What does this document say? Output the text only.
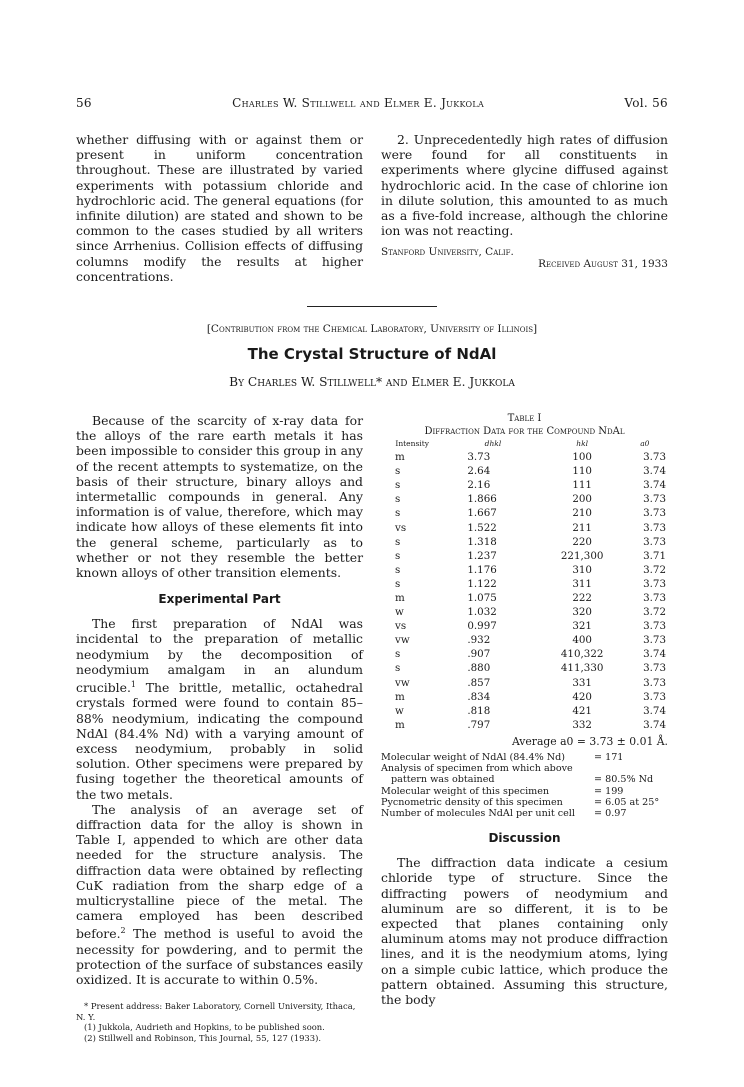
56	Charles W. Stillwell and Elmer E. Jukkola	Vol. 56

whether diffusing with or against them or present in uniform concentration throughout. These are illustrated by varied experiments with potassium chloride and hydrochloric acid. The general equations (for infinite dilution) are stated and shown to be common to the cases studied by all writers since Arrhenius. Collision effects of diffusing columns modify the results at higher concentrations.

2. Unprecedentedly high rates of diffusion were found for all constituents in experiments where glycine diffused against hydrochloric acid. In the case of chlorine ion in dilute solution, this amounted to as much as a five-fold increase, although the chlorine ion was not reacting.

Stanford University, Calif.
Received August 31, 1933
[Contribution from the Chemical Laboratory, University of Illinois]
The Crystal Structure of NdAl
By Charles W. Stillwell* and Elmer E. Jukkola

Because of the scarcity of x-ray data for the alloys of the rare earth metals it has been impossible to consider this group in any of the recent attempts to systematize, on the basis of their structure, binary alloys and intermetallic compounds in general. Any information is of value, therefore, which may indicate how alloys of these elements fit into the general scheme, particularly as to whether or not they resemble the better known alloys of other transition elements.

Experimental Part

The first preparation of NdAl was incidental to the preparation of metallic neodymium by the decomposition of neodymium amalgam in an alundum crucible.$^1$ The brittle, metallic, octahedral crystals formed were found to contain 85–88% neodymium, indicating the compound NdAl (84.4% Nd) with a varying amount of excess neodymium, probably in solid solution. Other specimens were prepared by fusing together the theoretical amounts of the two metals.

The analysis of an average set of diffraction data for the alloy is shown in Table I, appended to which are other data needed for the structure analysis. The diffraction data were obtained by reflecting CuK radiation from the sharp edge of a multicrystalline piece of the metal. The camera employed has been described before.$^2$ The method is useful to avoid the necessity for powdering, and to permit the protection of the surface of substances easily oxidized. It is accurate to within 0.5%.

* Present address: Baker Laboratory, Cornell University, Ithaca, N. Y.
(1) Jukkola, Audrieth and Hopkins, to be published soon.
(2) Stillwell and Robinson, This Journal, 55, 127 (1933).
Table I
Diffraction Data for the Compound NdAl
Intensity	dhkl	hkl	a0
m	3.73	100	3.73
s	2.64	110	3.74
s	2.16	111	3.74
s	1.866	200	3.73
s	1.667	210	3.73
vs	1.522	211	3.73
s	1.318	220	3.73
s	1.237	221,300	3.71
s	1.176	310	3.72
s	1.122	311	3.73
m	1.075	222	3.73
w	1.032	320	3.72
vs	0.997	321	3.73
vw	.932	400	3.73
s	.907	410,322	3.74
s	.880	411,330	3.73
vw	.857	331	3.73
m	.834	420	3.73
w	.818	421	3.74
m	.797	332	3.74
Average a0 = 3.73 ± 0.01 Å.
Molecular weight of NdAl (84.4% Nd)	= 171
Analysis of specimen from which above
pattern was obtained	= 80.5% Nd
Molecular weight of this specimen	= 199
Pycnometric density of this specimen	= 6.05 at 25°
Number of molecules NdAl per unit cell	= 0.97
Discussion

The diffraction data indicate a cesium chloride type of structure. Since the diffracting powers of neodymium and aluminum are so different, it is to be expected that planes containing only aluminum atoms may not produce diffraction lines, and it is the neodymium atoms, lying on a simple cubic lattice, which produce the pattern obtained. Assuming this structure, the body
